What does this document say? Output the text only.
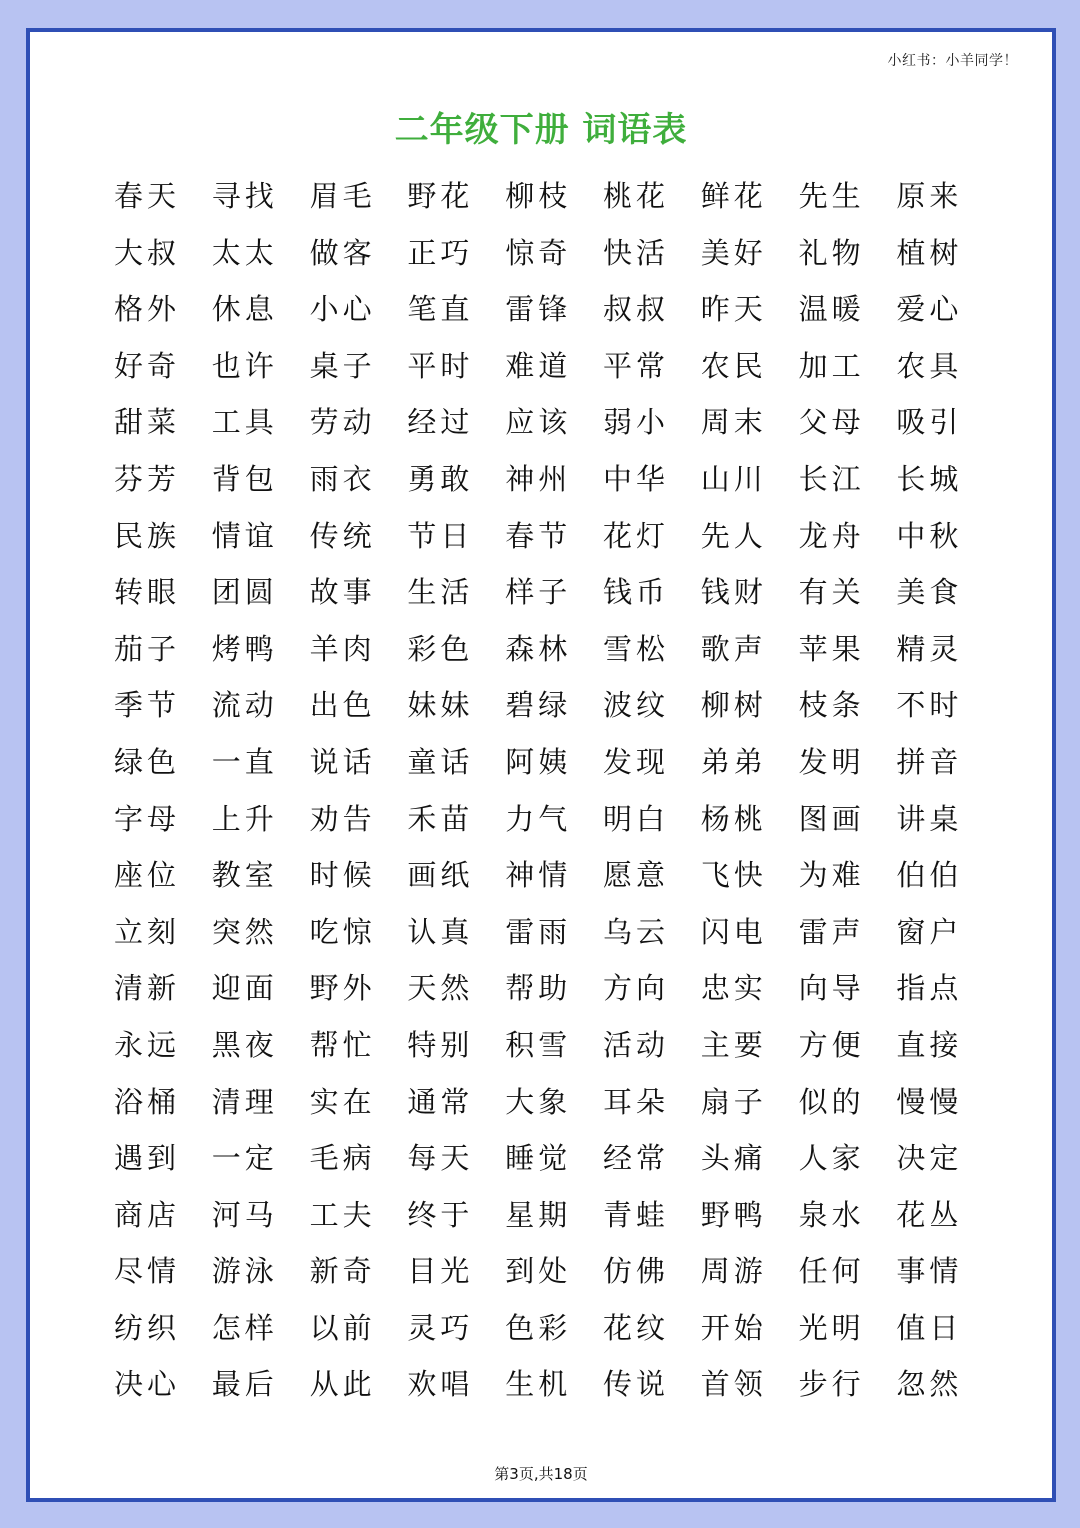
小红书：小羊同学！
二年级下册 词语表
春天	寻找	眉毛	野花	柳枝	桃花	鲜花	先生	原来
大叔	太太	做客	正巧	惊奇	快活	美好	礼物	植树
格外	休息	小心	笔直	雷锋	叔叔	昨天	温暖	爱心
好奇	也许	桌子	平时	难道	平常	农民	加工	农具
甜菜	工具	劳动	经过	应该	弱小	周末	父母	吸引
芬芳	背包	雨衣	勇敢	神州	中华	山川	长江	长城
民族	情谊	传统	节日	春节	花灯	先人	龙舟	中秋
转眼	团圆	故事	生活	样子	钱币	钱财	有关	美食
茄子	烤鸭	羊肉	彩色	森林	雪松	歌声	苹果	精灵
季节	流动	出色	妹妹	碧绿	波纹	柳树	枝条	不时
绿色	一直	说话	童话	阿姨	发现	弟弟	发明	拼音
字母	上升	劝告	禾苗	力气	明白	杨桃	图画	讲桌
座位	教室	时候	画纸	神情	愿意	飞快	为难	伯伯
立刻	突然	吃惊	认真	雷雨	乌云	闪电	雷声	窗户
清新	迎面	野外	天然	帮助	方向	忠实	向导	指点
永远	黑夜	帮忙	特别	积雪	活动	主要	方便	直接
浴桶	清理	实在	通常	大象	耳朵	扇子	似的	慢慢
遇到	一定	毛病	每天	睡觉	经常	头痛	人家	决定
商店	河马	工夫	终于	星期	青蛙	野鸭	泉水	花丛
尽情	游泳	新奇	目光	到处	仿佛	周游	任何	事情
纺织	怎样	以前	灵巧	色彩	花纹	开始	光明	值日
决心	最后	从此	欢唱	生机	传说	首领	步行	忽然
第3页,共18页
